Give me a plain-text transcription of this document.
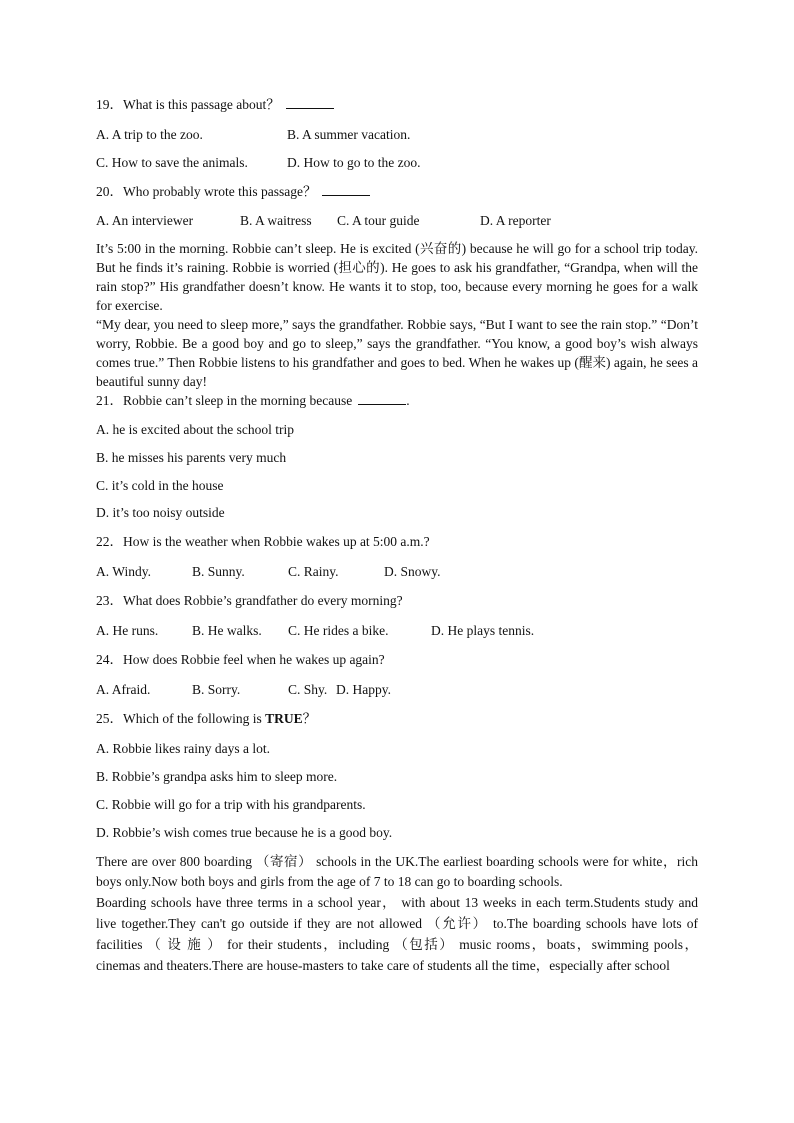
19．What is this passage about？

A. A trip to the zoo.	B. A summer vacation.
C. How to save the animals.	D. How to go to the zoo.

20．Who probably wrote this passage？

A. An interviewer	B. A waitress	C. A tour guide	D. A reporter

It’s 5:00 in the morning. Robbie can’t sleep. He is excited (兴奋的) because he will go for a school trip today. But he finds it’s raining. Robbie is worried (担心的). He goes to ask his grandfather, “Grandpa, when will the rain stop?” His grandfather doesn’t know. He wants it to stop, too, because every morning he goes for a walk for exercise.

“My dear, you need to sleep more,” says the grandfather. Robbie says, “But I want to see the rain stop.” “Don’t worry, Robbie. Be a good boy and go to sleep,” says the grandfather. “You know, a good boy’s wish always comes true.” Then Robbie listens to his grandfather and goes to bed. When he wakes up (醒来) again, he sees a beautiful sunny day!

21．Robbie can’t sleep in the morning because	.

A. he is excited about the school trip

B. he misses his parents very much

C. it’s cold in the house

D. it’s too noisy outside

22．How is the weather when Robbie wakes up at 5:00 a.m.?

A. Windy.	B. Sunny.	C. Rainy.	D. Snowy.

23．What does Robbie’s grandfather do every morning?

A. He runs.	B. He walks.	C. He rides a bike.	D. He plays tennis.

24．How does Robbie feel when he wakes up again?

A. Afraid.	B. Sorry.	C. Shy. D. Happy.

25．Which of the following is TRUE？

A. Robbie likes rainy days a lot.

B. Robbie’s grandpa asks him to sleep more.

C. Robbie will go for a trip with his grandparents.

D. Robbie’s wish comes true because he is a good boy.

There are over 800 boarding （寄宿） schools in the UK.The earliest boarding schools were for white，rich boys only.Now both boys and girls from the age of 7 to 18 can go to boarding schools.

Boarding schools have three terms in a school year， with about 13 weeks in each term.Students study and live together.They can't go outside if they are not allowed （允许） to.The boarding schools have lots of facilities （ 设 施 ） for their students，including （包括） music rooms，boats，swimming pools，cinemas and theaters.There are house-masters to take care of students all the time，especially after school
